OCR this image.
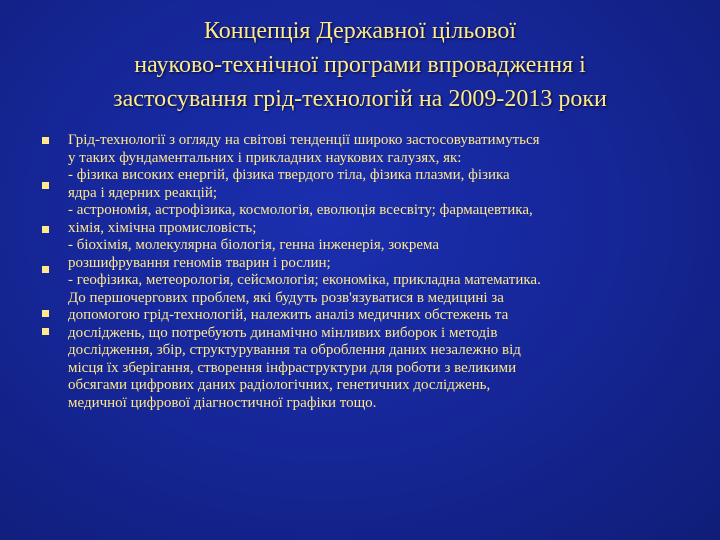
Концепція Державної цільової
науково-технічної програми впровадження і
застосування грід-технологій на 2009-2013 роки
Грід-технології з огляду на світові тенденції широко застосовуватимуться
у таких фундаментальних і прикладних наукових галузях, як:
- фізика високих енергій, фізика твердого тіла, фізика плазми, фізика
ядра і ядерних реакцій;
- астрономія, астрофізика, космологія, еволюція всесвіту; фармацевтика,
хімія, хімічна промисловість;
- біохімія, молекулярна біологія, генна інженерія, зокрема
розшифрування геномів тварин і рослин;
- геофізика, метеорологія, сейсмологія; економіка, прикладна математика.
До першочергових проблем, які будуть розв'язуватися в медицині за
допомогою грід-технологій, належить аналіз медичних обстежень та
досліджень, що потребують динамічно мінливих виборок і методів
дослідження, збір, структурування та оброблення даних незалежно від
місця їх зберігання, створення інфраструктури для роботи з великими
обсягами цифрових даних радіологічних, генетичних досліджень,
медичної цифрової діагностичної графіки тощо.
